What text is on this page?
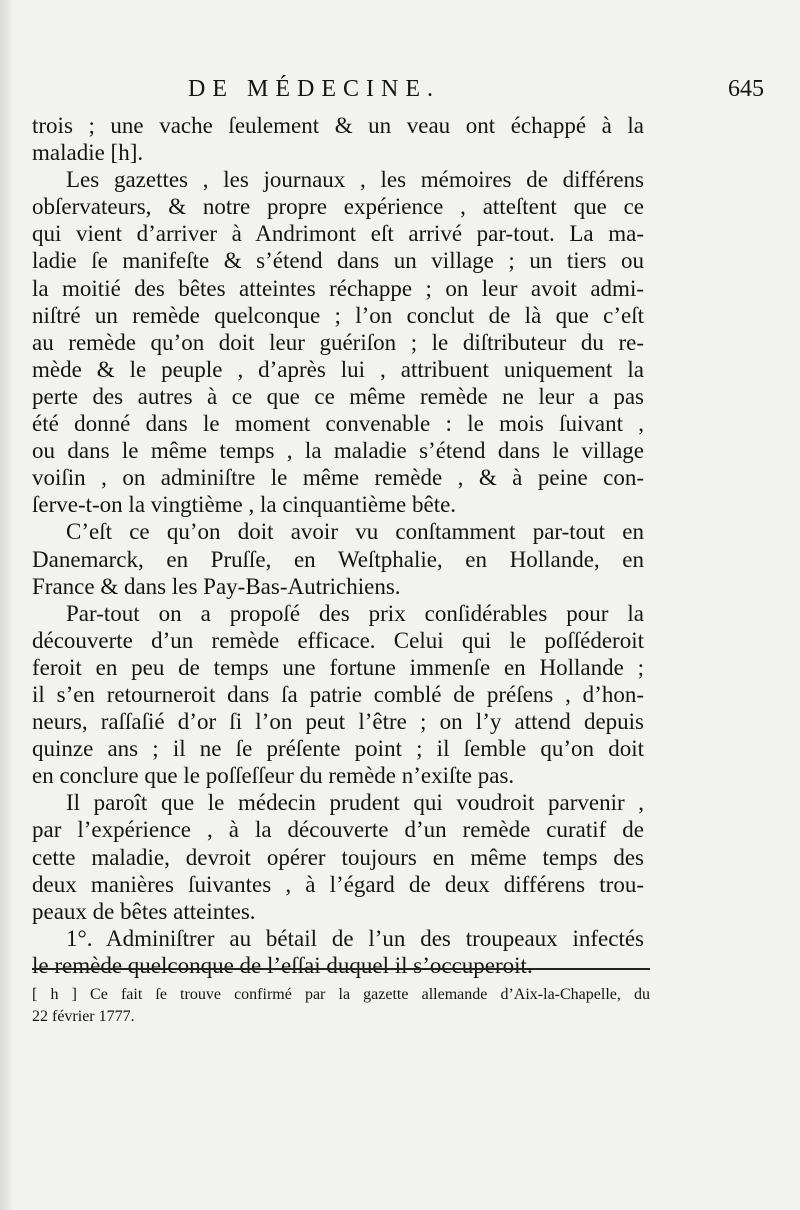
DE MÉDECINE.	645
trois ; une vache ſeulement & un veau ont échappé à la
maladie [h].
Les gazettes , les journaux , les mémoires de différens
obſervateurs, & notre propre expérience , atteſtent que ce
qui vient d’arriver à Andrimont eſt arrivé par-tout. La ma-
ladie ſe manifeſte & s’étend dans un village ; un tiers ou
la moitié des bêtes atteintes réchappe ; on leur avoit admi-
niſtré un remède quelconque ; l’on conclut de là que c’eſt
au remède qu’on doit leur guériſon ; le diſtributeur du re-
mède & le peuple , d’après lui , attribuent uniquement la
perte des autres à ce que ce même remède ne leur a pas
été donné dans le moment convenable : le mois ſuivant ,
ou dans le même temps , la maladie s’étend dans le village
voiſin , on adminiſtre le même remède , & à peine con-
ſerve-t-on la vingtième , la cinquantième bête.
C’eſt ce qu’on doit avoir vu conſtamment par-tout en
Danemarck, en Pruſſe, en Weſtphalie, en Hollande, en
France & dans les Pay-Bas-Autrichiens.
Par-tout on a propoſé des prix conſidérables pour la
découverte d’un remède efficace. Celui qui le poſſéderoit
feroit en peu de temps une fortune immenſe en Hollande ;
il s’en retourneroit dans ſa patrie comblé de préſens , d’hon-
neurs, raſſaſié d’or ſi l’on peut l’être ; on l’y attend depuis
quinze ans ; il ne ſe préſente point ; il ſemble qu’on doit
en conclure que le poſſeſſeur du remède n’exiſte pas.
Il paroît que le médecin prudent qui voudroit parvenir ,
par l’expérience , à la découverte d’un remède curatif de
cette maladie, devroit opérer toujours en même temps des
deux manières ſuivantes , à l’égard de deux différens trou-
peaux de bêtes atteintes.
1°. Adminiſtrer au bétail de l’un des troupeaux infectés
le remède quelconque de l’eſſai duquel il s’occuperoit.
[ h ] Ce fait ſe trouve confirmé par la gazette allemande d’Aix-la-Chapelle, du
22 février 1777.
